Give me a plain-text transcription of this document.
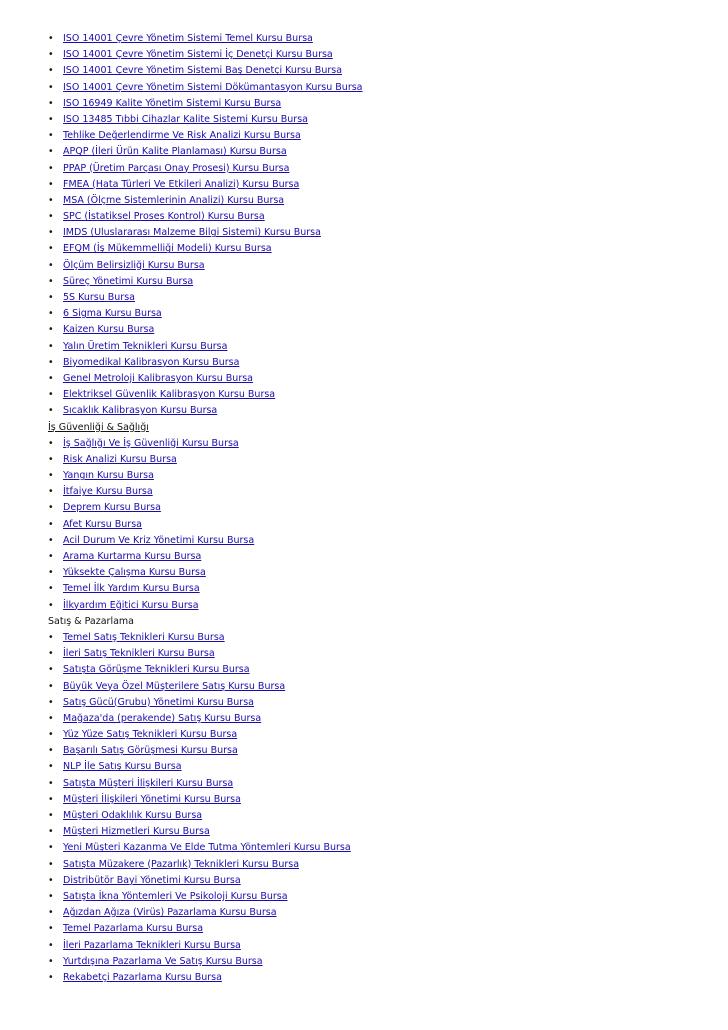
• ISO 14001 Çevre Yönetim Sistemi Temel Kursu Bursa
• ISO 14001 Çevre Yönetim Sistemi İç Denetçi Kursu Bursa
• ISO 14001 Çevre Yönetim Sistemi Baş Denetçi Kursu Bursa
• ISO 14001 Çevre Yönetim Sistemi Dökümantasyon Kursu Bursa
• ISO 16949 Kalite Yönetim Sistemi Kursu Bursa
• ISO 13485 Tıbbi Cihazlar Kalite Sistemi Kursu Bursa
• Tehlike Değerlendirme Ve Risk Analizi Kursu Bursa
• APQP (İleri Ürün Kalite Planlaması) Kursu Bursa
• PPAP (Üretim Parçası Onay Prosesi) Kursu Bursa
• FMEA (Hata Türleri Ve Etkileri Analizi) Kursu Bursa
• MSA (Ölçme Sistemlerinin Analizi) Kursu Bursa
• SPC (İstatiksel Proses Kontrol) Kursu Bursa
• IMDS (Uluslararası Malzeme Bilgi Sistemi) Kursu Bursa
• EFQM (İş Mükemmelliği Modeli) Kursu Bursa
• Ölçüm Belirsizliği Kursu Bursa
• Süreç Yönetimi Kursu Bursa
• 5S Kursu Bursa
• 6 Sigma Kursu Bursa
• Kaizen Kursu Bursa
• Yalın Üretim Teknikleri Kursu Bursa
• Biyomedikal Kalibrasyon Kursu Bursa
• Genel Metroloji Kalibrasyon Kursu Bursa
• Elektriksel Güvenlik Kalibrasyon Kursu Bursa
• Sıcaklık Kalibrasyon Kursu Bursa
İş Güvenliği & Sağlığı
• İş Sağlığı Ve İş Güvenliği Kursu Bursa
• Risk Analizi Kursu Bursa
• Yangın Kursu Bursa
• İtfaiye Kursu Bursa
• Deprem Kursu Bursa
• Afet Kursu Bursa
• Acil Durum Ve Kriz Yönetimi Kursu Bursa
• Arama Kurtarma Kursu Bursa
• Yüksekte Çalışma Kursu Bursa
• Temel İlk Yardım Kursu Bursa
• İlkyardım Eğitici Kursu Bursa
Satış & Pazarlama
• Temel Satış Teknikleri Kursu Bursa
• İleri Satış Teknikleri Kursu Bursa
• Satışta Görüşme Teknikleri Kursu Bursa
• Büyük Veya Özel Müşterilere Satış Kursu Bursa
• Satış Gücü(Grubu) Yönetimi Kursu Bursa
• Mağaza'da (perakende) Satış Kursu Bursa
• Yüz Yüze Satış Teknikleri Kursu Bursa
• Başarılı Satış Görüşmesi Kursu Bursa
• NLP İle Satış Kursu Bursa
• Satışta Müşteri İlişkileri Kursu Bursa
• Müşteri İlişkileri Yönetimi Kursu Bursa
• Müşteri Odaklılık Kursu Bursa
• Müşteri Hizmetleri Kursu Bursa
• Yeni Müşteri Kazanma Ve Elde Tutma Yöntemleri Kursu Bursa
• Satışta Müzakere (Pazarlık) Teknikleri Kursu Bursa
• Distribütör Bayi Yönetimi Kursu Bursa
• Satışta İkna Yöntemleri Ve Psikoloji Kursu Bursa
• Ağızdan Ağıza (Virüs) Pazarlama Kursu Bursa
• Temel Pazarlama Kursu Bursa
• İleri Pazarlama Teknikleri Kursu Bursa
• Yurtdışına Pazarlama Ve Satış Kursu Bursa
• Rekabetçi Pazarlama Kursu Bursa
